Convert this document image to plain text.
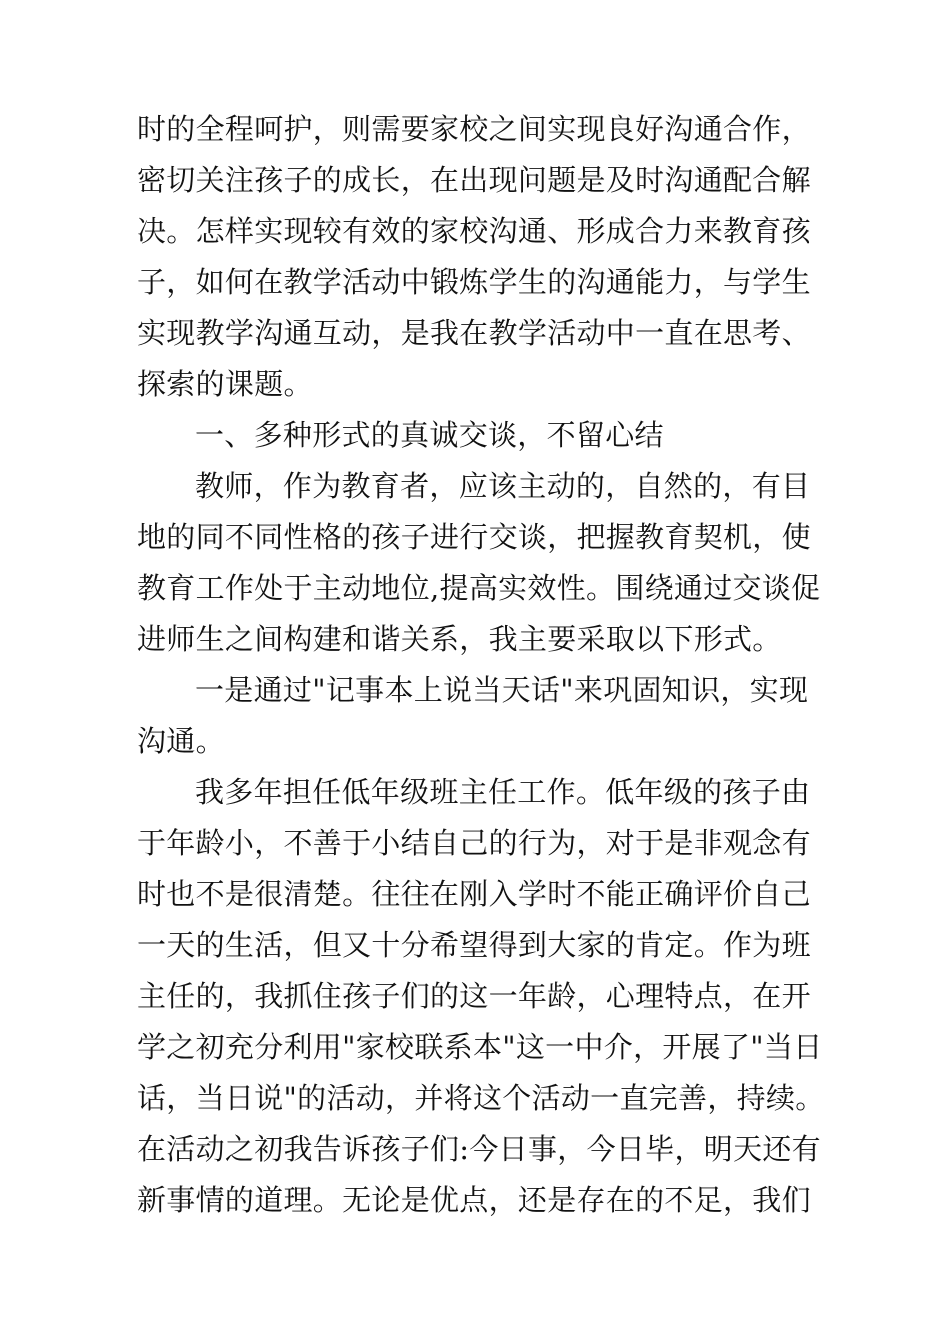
时的全程呵护，则需要家校之间实现良好沟通合作，
密切关注孩子的成长，在出现问题是及时沟通配合解
决。怎样实现较有效的家校沟通、形成合力来教育孩
子，如何在教学活动中锻炼学生的沟通能力，与学生
实现教学沟通互动，是我在教学活动中一直在思考、
探索的课题。
一、多种形式的真诚交谈，不留心结
教师，作为教育者，应该主动的，自然的，有目
地的同不同性格的孩子进行交谈，把握教育契机，使
教育工作处于主动地位,提高实效性。围绕通过交谈促
进师生之间构建和谐关系，我主要采取以下形式。
一是通过"记事本上说当天话"来巩固知识，实现
沟通。
我多年担任低年级班主任工作。低年级的孩子由
于年龄小，不善于小结自己的行为，对于是非观念有
时也不是很清楚。往往在刚入学时不能正确评价自己
一天的生活，但又十分希望得到大家的肯定。作为班
主任的，我抓住孩子们的这一年龄，心理特点，在开
学之初充分利用"家校联系本"这一中介，开展了"当日
话，当日说"的活动，并将这个活动一直完善，持续。
在活动之初我告诉孩子们:今日事，今日毕，明天还有
新事情的道理。无论是优点，还是存在的不足，我们
